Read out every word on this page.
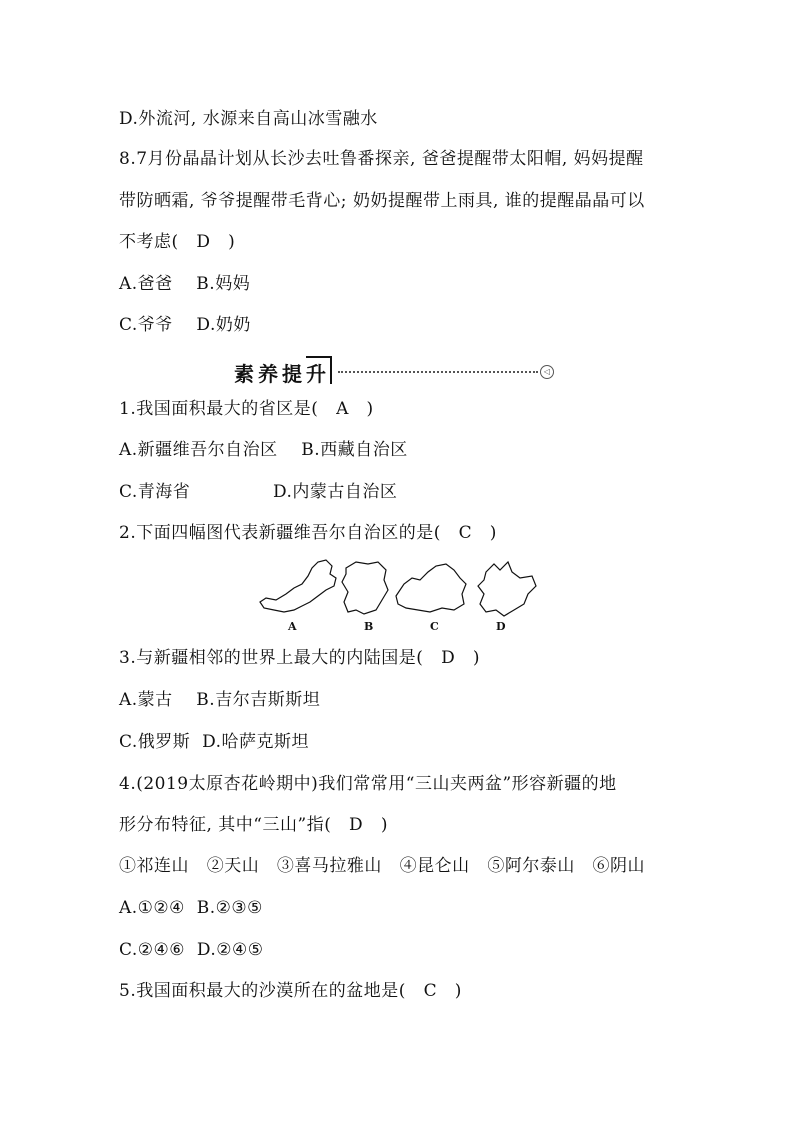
D.外流河, 水源来自高山冰雪融水
8.7月份晶晶计划从长沙去吐鲁番探亲, 爸爸提醒带太阳帽, 妈妈提醒
带防晒霜, 爷爷提醒带毛背心; 奶奶提醒带上雨具, 谁的提醒晶晶可以
不考虑(   D   )
A.爸爸    B.妈妈
C.爷爷    D.奶奶
素养提升	◁
1.我国面积最大的省区是(   A   )
A.新疆维吾尔自治区    B.西藏自治区
C.青海省              D.内蒙古自治区
2.下面四幅图代表新疆维吾尔自治区的是(   C   )
A	B	C	D
3.与新疆相邻的世界上最大的内陆国是(   D   )
A.蒙古    B.吉尔吉斯斯坦
C.俄罗斯  D.哈萨克斯坦
4.(2019太原杏花岭期中)我们常常用“三山夹两盆”形容新疆的地
形分布特征, 其中“三山”指(   D   )
①祁连山   ②天山   ③喜马拉雅山   ④昆仑山   ⑤阿尔泰山   ⑥阴山
A.①②④  B.②③⑤
C.②④⑥  D.②④⑤
5.我国面积最大的沙漠所在的盆地是(   C   )
